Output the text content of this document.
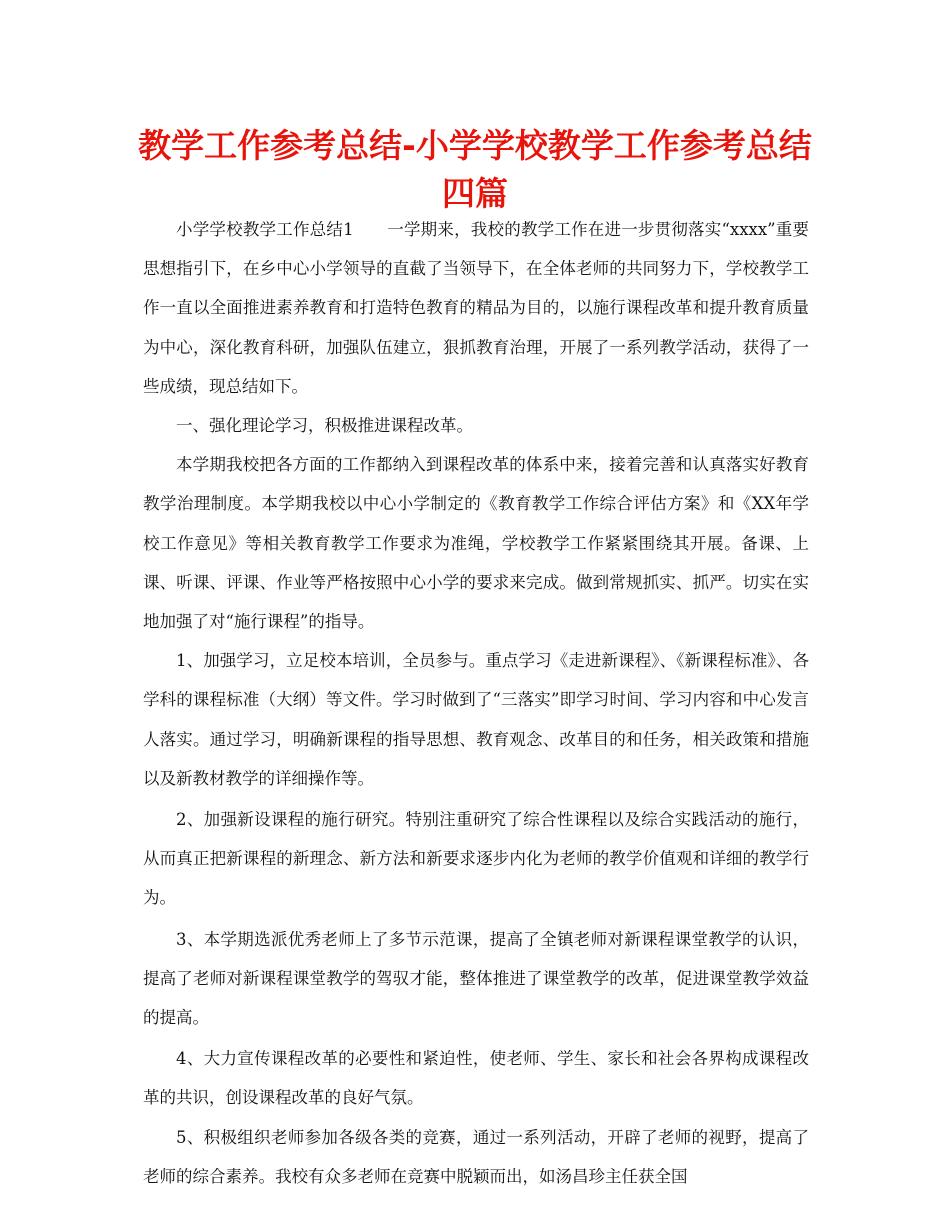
教学工作参考总结-小学学校教学工作参考总结四篇

小学学校教学工作总结1　　一学期来，我校的教学工作在进一步贯彻落实“xxxx”重要思想指引下，在乡中心小学领导的直截了当领导下，在全体老师的共同努力下，学校教学工作一直以全面推进素养教育和打造特色教育的精品为目的，以施行课程改革和提升教育质量为中心，深化教育科研，加强队伍建立，狠抓教育治理，开展了一系列教学活动，获得了一些成绩，现总结如下。

一、强化理论学习，积极推进课程改革。

本学期我校把各方面的工作都纳入到课程改革的体系中来，接着完善和认真落实好教育教学治理制度。本学期我校以中心小学制定的《教育教学工作综合评估方案》和《XX年学校工作意见》等相关教育教学工作要求为准绳，学校教学工作紧紧围绕其开展。备课、上课、听课、评课、作业等严格按照中心小学的要求来完成。做到常规抓实、抓严。切实在实地加强了对“施行课程”的指导。

1、加强学习，立足校本培训，全员参与。重点学习《走进新课程》、《新课程标准》、各学科的课程标准（大纲）等文件。学习时做到了“三落实”即学习时间、学习内容和中心发言人落实。通过学习，明确新课程的指导思想、教育观念、改革目的和任务，相关政策和措施以及新教材教学的详细操作等。

2、加强新设课程的施行研究。特别注重研究了综合性课程以及综合实践活动的施行，从而真正把新课程的新理念、新方法和新要求逐步内化为老师的教学价值观和详细的教学行为。

3、本学期选派优秀老师上了多节示范课，提高了全镇老师对新课程课堂教学的认识，提高了老师对新课程课堂教学的驾驭才能，整体推进了课堂教学的改革，促进课堂教学效益的提高。

4、大力宣传课程改革的必要性和紧迫性，使老师、学生、家长和社会各界构成课程改革的共识，创设课程改革的良好气氛。

5、积极组织老师参加各级各类的竞赛，通过一系列活动，开辟了老师的视野，提高了老师的综合素养。我校有众多老师在竞赛中脱颖而出，如汤昌珍主任获全国
